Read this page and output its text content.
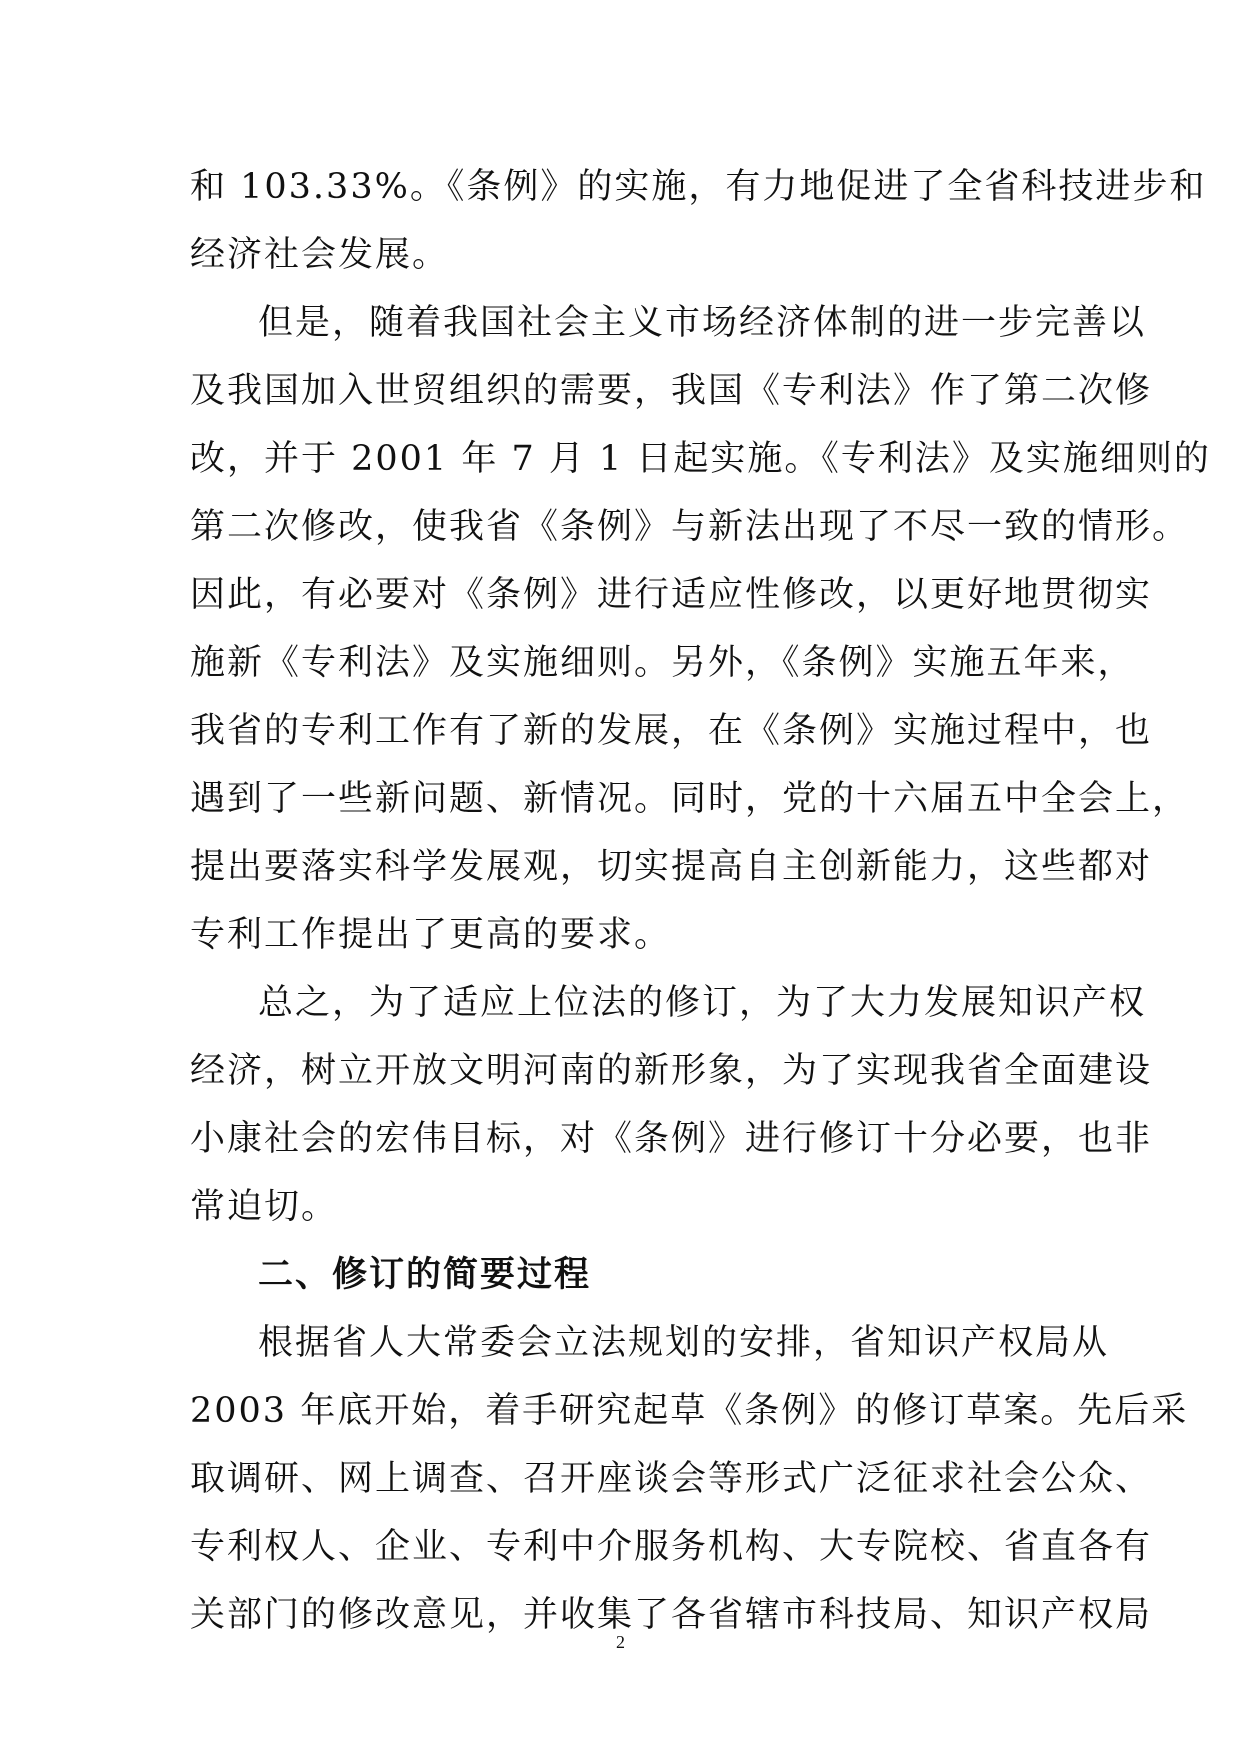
和 103.33%。《条例》的实施，有力地促进了全省科技进步和
经济社会发展。
但是，随着我国社会主义市场经济体制的进一步完善以
及我国加入世贸组织的需要，我国《专利法》作了第二次修
改，并于 2001 年 7 月 1 日起实施。《专利法》及实施细则的
第二次修改，使我省《条例》与新法出现了不尽一致的情形。
因此，有必要对《条例》进行适应性修改，以更好地贯彻实
施新《专利法》及实施细则。另外，《条例》实施五年来，
我省的专利工作有了新的发展，在《条例》实施过程中，也
遇到了一些新问题、新情况。同时，党的十六届五中全会上，
提出要落实科学发展观，切实提高自主创新能力，这些都对
专利工作提出了更高的要求。
总之，为了适应上位法的修订，为了大力发展知识产权
经济，树立开放文明河南的新形象，为了实现我省全面建设
小康社会的宏伟目标，对《条例》进行修订十分必要，也非
常迫切。
二、修订的简要过程
根据省人大常委会立法规划的安排，省知识产权局从
2003 年底开始，着手研究起草《条例》的修订草案。先后采
取调研、网上调查、召开座谈会等形式广泛征求社会公众、
专利权人、企业、专利中介服务机构、大专院校、省直各有
关部门的修改意见，并收集了各省辖市科技局、知识产权局
2
